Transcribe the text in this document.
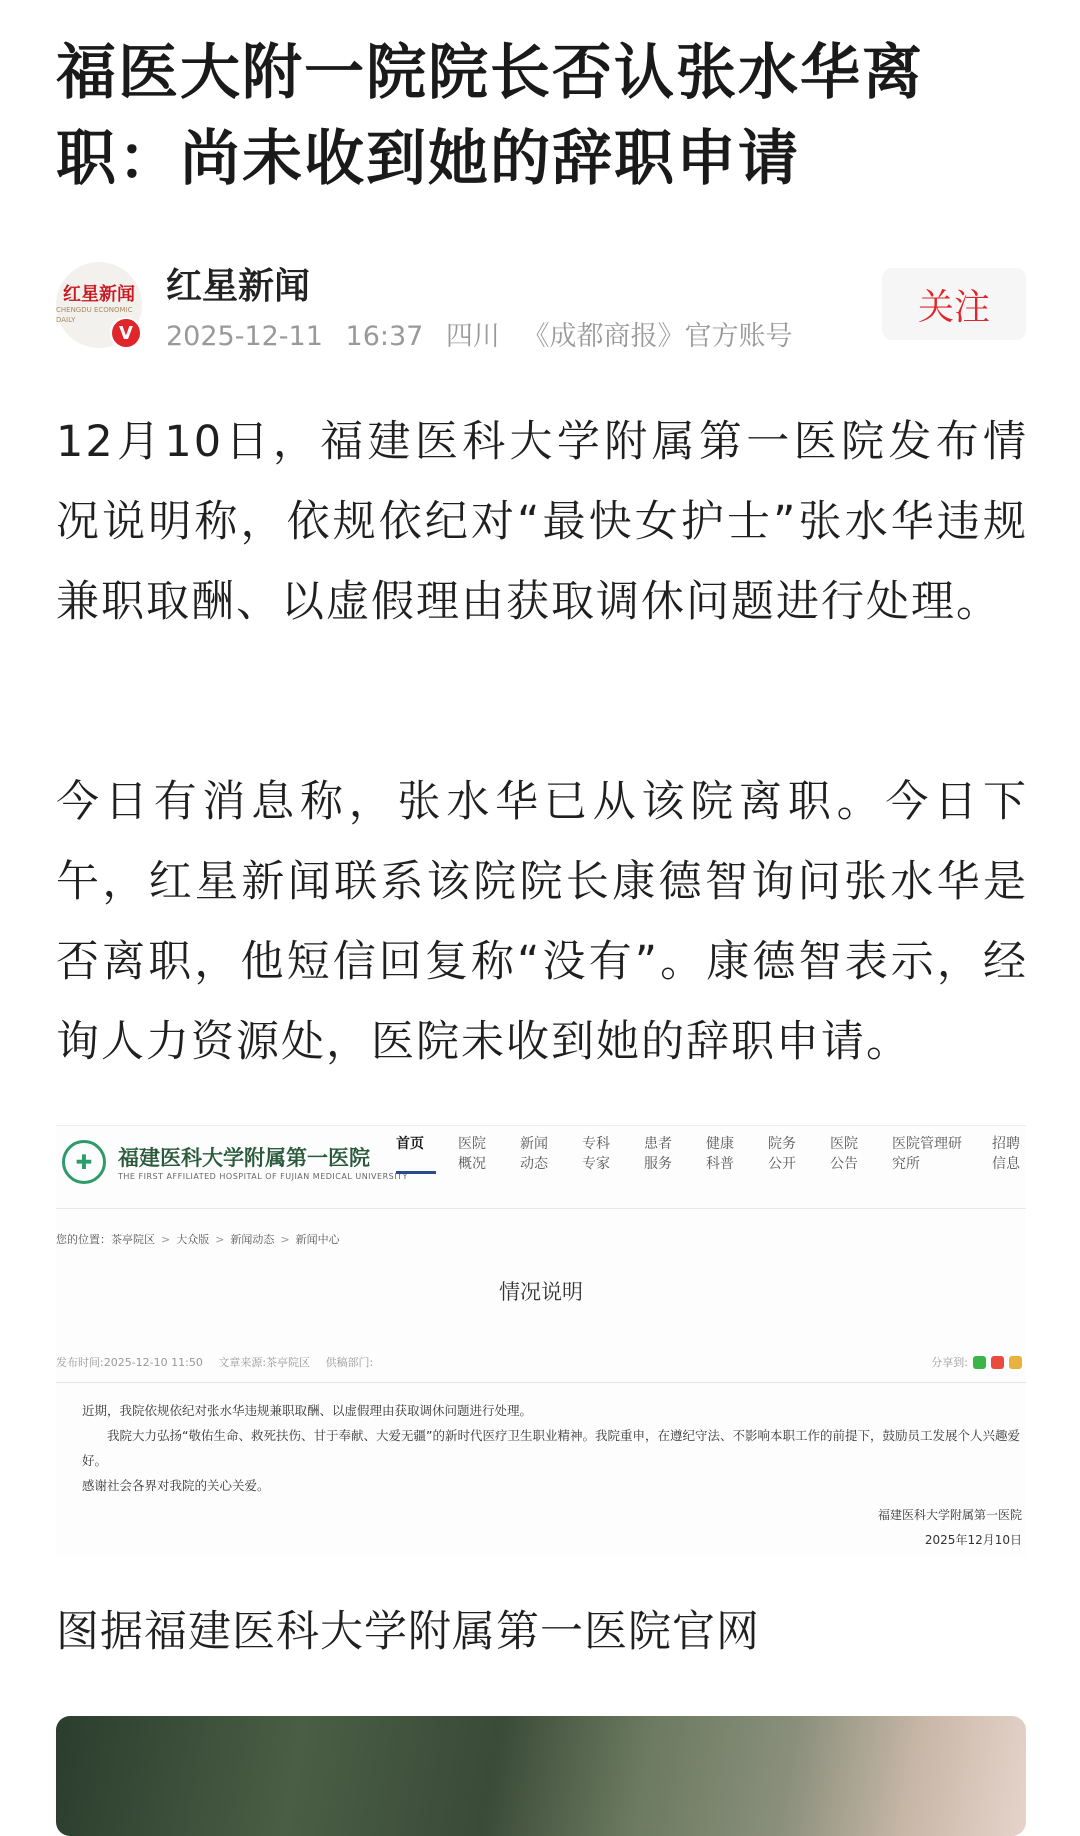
福医大附一院院长否认张水华离职：尚未收到她的辞职申请
红星新闻
CHENGDU ECONOMIC DAILY
V
红星新闻
2025-12-11 16:37 四川 《成都商报》官方账号
关注

12月10日，福建医科大学附属第一医院发布情况说明称，依规依纪对“最快女护士”张水华违规兼职取酬、以虚假理由获取调休问题进行处理。

今日有消息称，张水华已从该院离职。今日下午，红星新闻联系该院院长康德智询问张水华是否离职，他短信回复称“没有”。康德智表示，经询人力资源处，医院未收到她的辞职申请。

✚	福建医科大学附属第一医院
THE FIRST AFFILIATED HOSPITAL OF FUJIAN MEDICAL UNIVERSITY
首页	医院概况
新闻动态
专科专家
患者服务
健康科普
院务公开
医院公告
医院管理研究所
招聘信息
您的位置：茶亭院区 > 大众版 > 新闻动态 > 新闻中心
情况说明
发布时间:2025-12-10 11:50 文章来源:茶亭院区 供稿部门:	分享到:

近期，我院依规依纪对张水华违规兼职取酬、以虚假理由获取调休问题进行处理。

我院大力弘扬“敬佑生命、救死扶伤、甘于奉献、大爱无疆”的新时代医疗卫生职业精神。我院重申，在遵纪守法、不影响本职工作的前提下，鼓励员工发展个人兴趣爱好。

感谢社会各界对我院的关心关爱。

福建医科大学附属第一医院
2025年12月10日
图据福建医科大学附属第一医院官网
